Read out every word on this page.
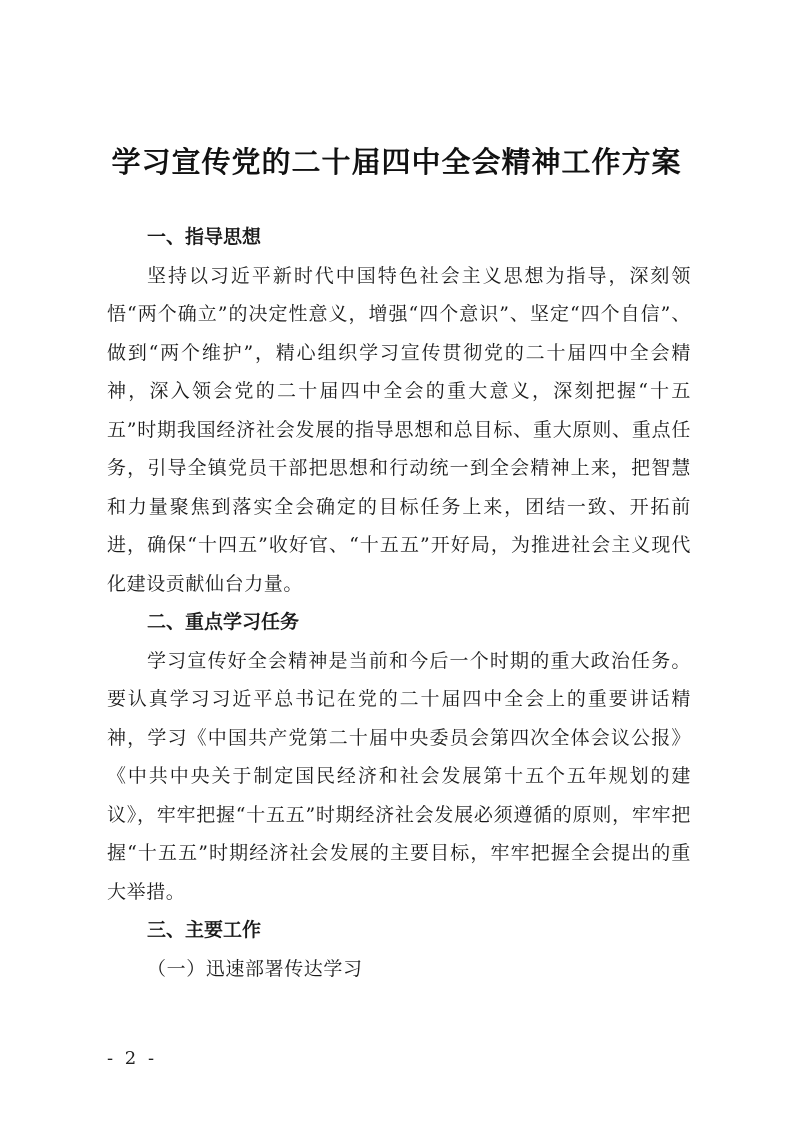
学习宣传党的二十届四中全会精神工作方案

一、指导思想

坚持以习近平新时代中国特色社会主义思想为指导，深刻领悟“两个确立”的决定性意义，增强“四个意识”、坚定“四个自信”、做到“两个维护”，精心组织学习宣传贯彻党的二十届四中全会精神，深入领会党的二十届四中全会的重大意义，深刻把握“十五五”时期我国经济社会发展的指导思想和总目标、重大原则、重点任务，引导全镇党员干部把思想和行动统一到全会精神上来，把智慧和力量聚焦到落实全会确定的目标任务上来，团结一致、开拓前进，确保“十四五”收好官、“十五五”开好局，为推进社会主义现代化建设贡献仙台力量。

二、重点学习任务

学习宣传好全会精神是当前和今后一个时期的重大政治任务。要认真学习习近平总书记在党的二十届四中全会上的重要讲话精神，学习《中国共产党第二十届中央委员会第四次全体会议公报》《中共中央关于制定国民经济和社会发展第十五个五年规划的建议》，牢牢把握“十五五”时期经济社会发展必须遵循的原则，牢牢把握“十五五”时期经济社会发展的主要目标，牢牢把握全会提出的重大举措。

三、主要工作

（一）迅速部署传达学习

- 2 -
